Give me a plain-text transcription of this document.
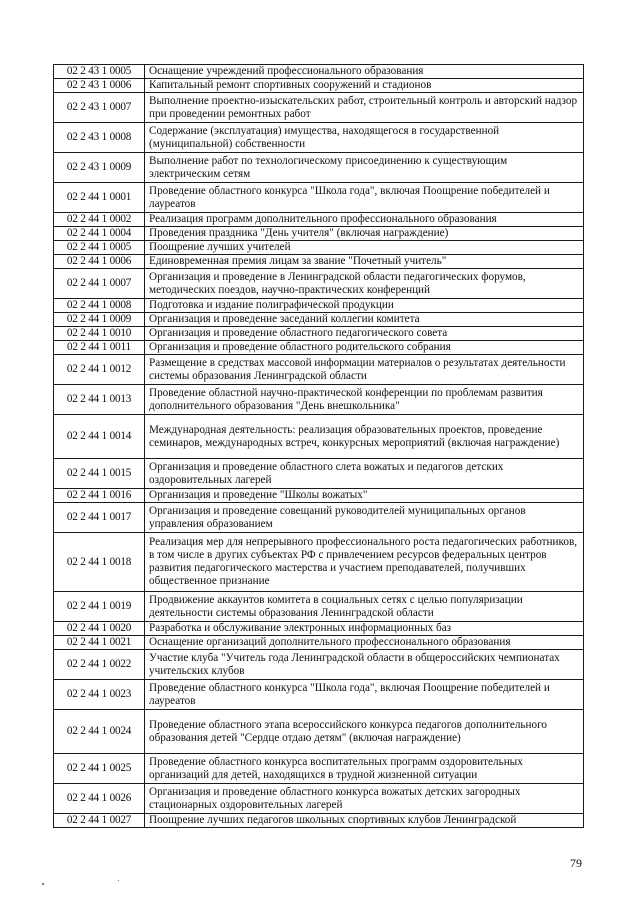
02 2 43 1 0005	Оснащение учреждений профессионального образования
02 2 43 1 0006	Капитальный ремонт спортивных сооружений и стадионов
02 2 43 1 0007	Выполнение проектно-изыскательских работ, строительный контроль и авторский надзор при проведении ремонтных работ
02 2 43 1 0008	Содержание (эксплуатация) имущества, находящегося в государственной (муниципальной) собственности
02 2 43 1 0009	Выполнение работ по технологическому присоединению к существующим электрическим сетям
02 2 44 1 0001	Проведение областного конкурса "Школа года", включая Поощрение победителей и лауреатов
02 2 44 1 0002	Реализация программ дополнительного профессионального образования
02 2 44 1 0004	Проведения праздника "День учителя" (включая награждение)
02 2 44 1 0005	Поощрение лучших учителей
02 2 44 1 0006	Единовременная премия лицам за звание "Почетный учитель"
02 2 44 1 0007	Организация и проведение в Ленинградской области педагогических форумов, методических поездов, научно-практических конференций
02 2 44 1 0008	Подготовка и издание полиграфической продукции
02 2 44 1 0009	Организация и проведение заседаний коллегии комитета
02 2 44 1 0010	Организация и проведение областного педагогического совета
02 2 44 1 0011	Организация и проведение областного родительского собрания
02 2 44 1 0012	Размещение в средствах массовой информации материалов о результатах деятельности системы образования Ленинградской области
02 2 44 1 0013	Проведение областной научно-практической конференции по проблемам развития дополнительного образования "День внешкольника"
02 2 44 1 0014	Международная деятельность: реализация образовательных проектов, проведение семинаров, международных встреч, конкурсных мероприятий (включая награждение)
02 2 44 1 0015	Организация и проведение областного слета вожатых и педагогов детских оздоровительных лагерей
02 2 44 1 0016	Организация и проведение "Школы вожатых"
02 2 44 1 0017	Организация и проведение совещаний руководителей муниципальных органов управления образованием
02 2 44 1 0018	Реализация мер для непрерывного профессионального роста педагогических работников, в том числе в других субъектах РФ с привлечением ресурсов федеральных центров развития педагогического мастерства и участием преподавателей, получивших общественное признание
02 2 44 1 0019	Продвижение аккаунтов комитета в социальных сетях с целью популяризации деятельности системы образования Ленинградской области
02 2 44 1 0020	Разработка и обслуживание электронных информационных баз
02 2 44 1 0021	Оснащение организаций дополнительного профессионального образования
02 2 44 1 0022	Участие клуба "Учитель года Ленинградской области в общероссийских чемпионатах учительских клубов
02 2 44 1 0023	Проведение областного конкурса "Школа года", включая Поощрение победителей и лауреатов
02 2 44 1 0024	Проведение областного этапа всероссийского конкурса педагогов дополнительного образования детей "Сердце отдаю детям" (включая награждение)
02 2 44 1 0025	Проведение областного конкурса воспитательных программ оздоровительных организаций для детей, находящихся в трудной жизненной ситуации
02 2 44 1 0026	Организация и проведение областного конкурса вожатых детских загородных стационарных оздоровительных лагерей
02 2 44 1 0027	Поощрение лучших педагогов школьных спортивных клубов Ленинградской
79
